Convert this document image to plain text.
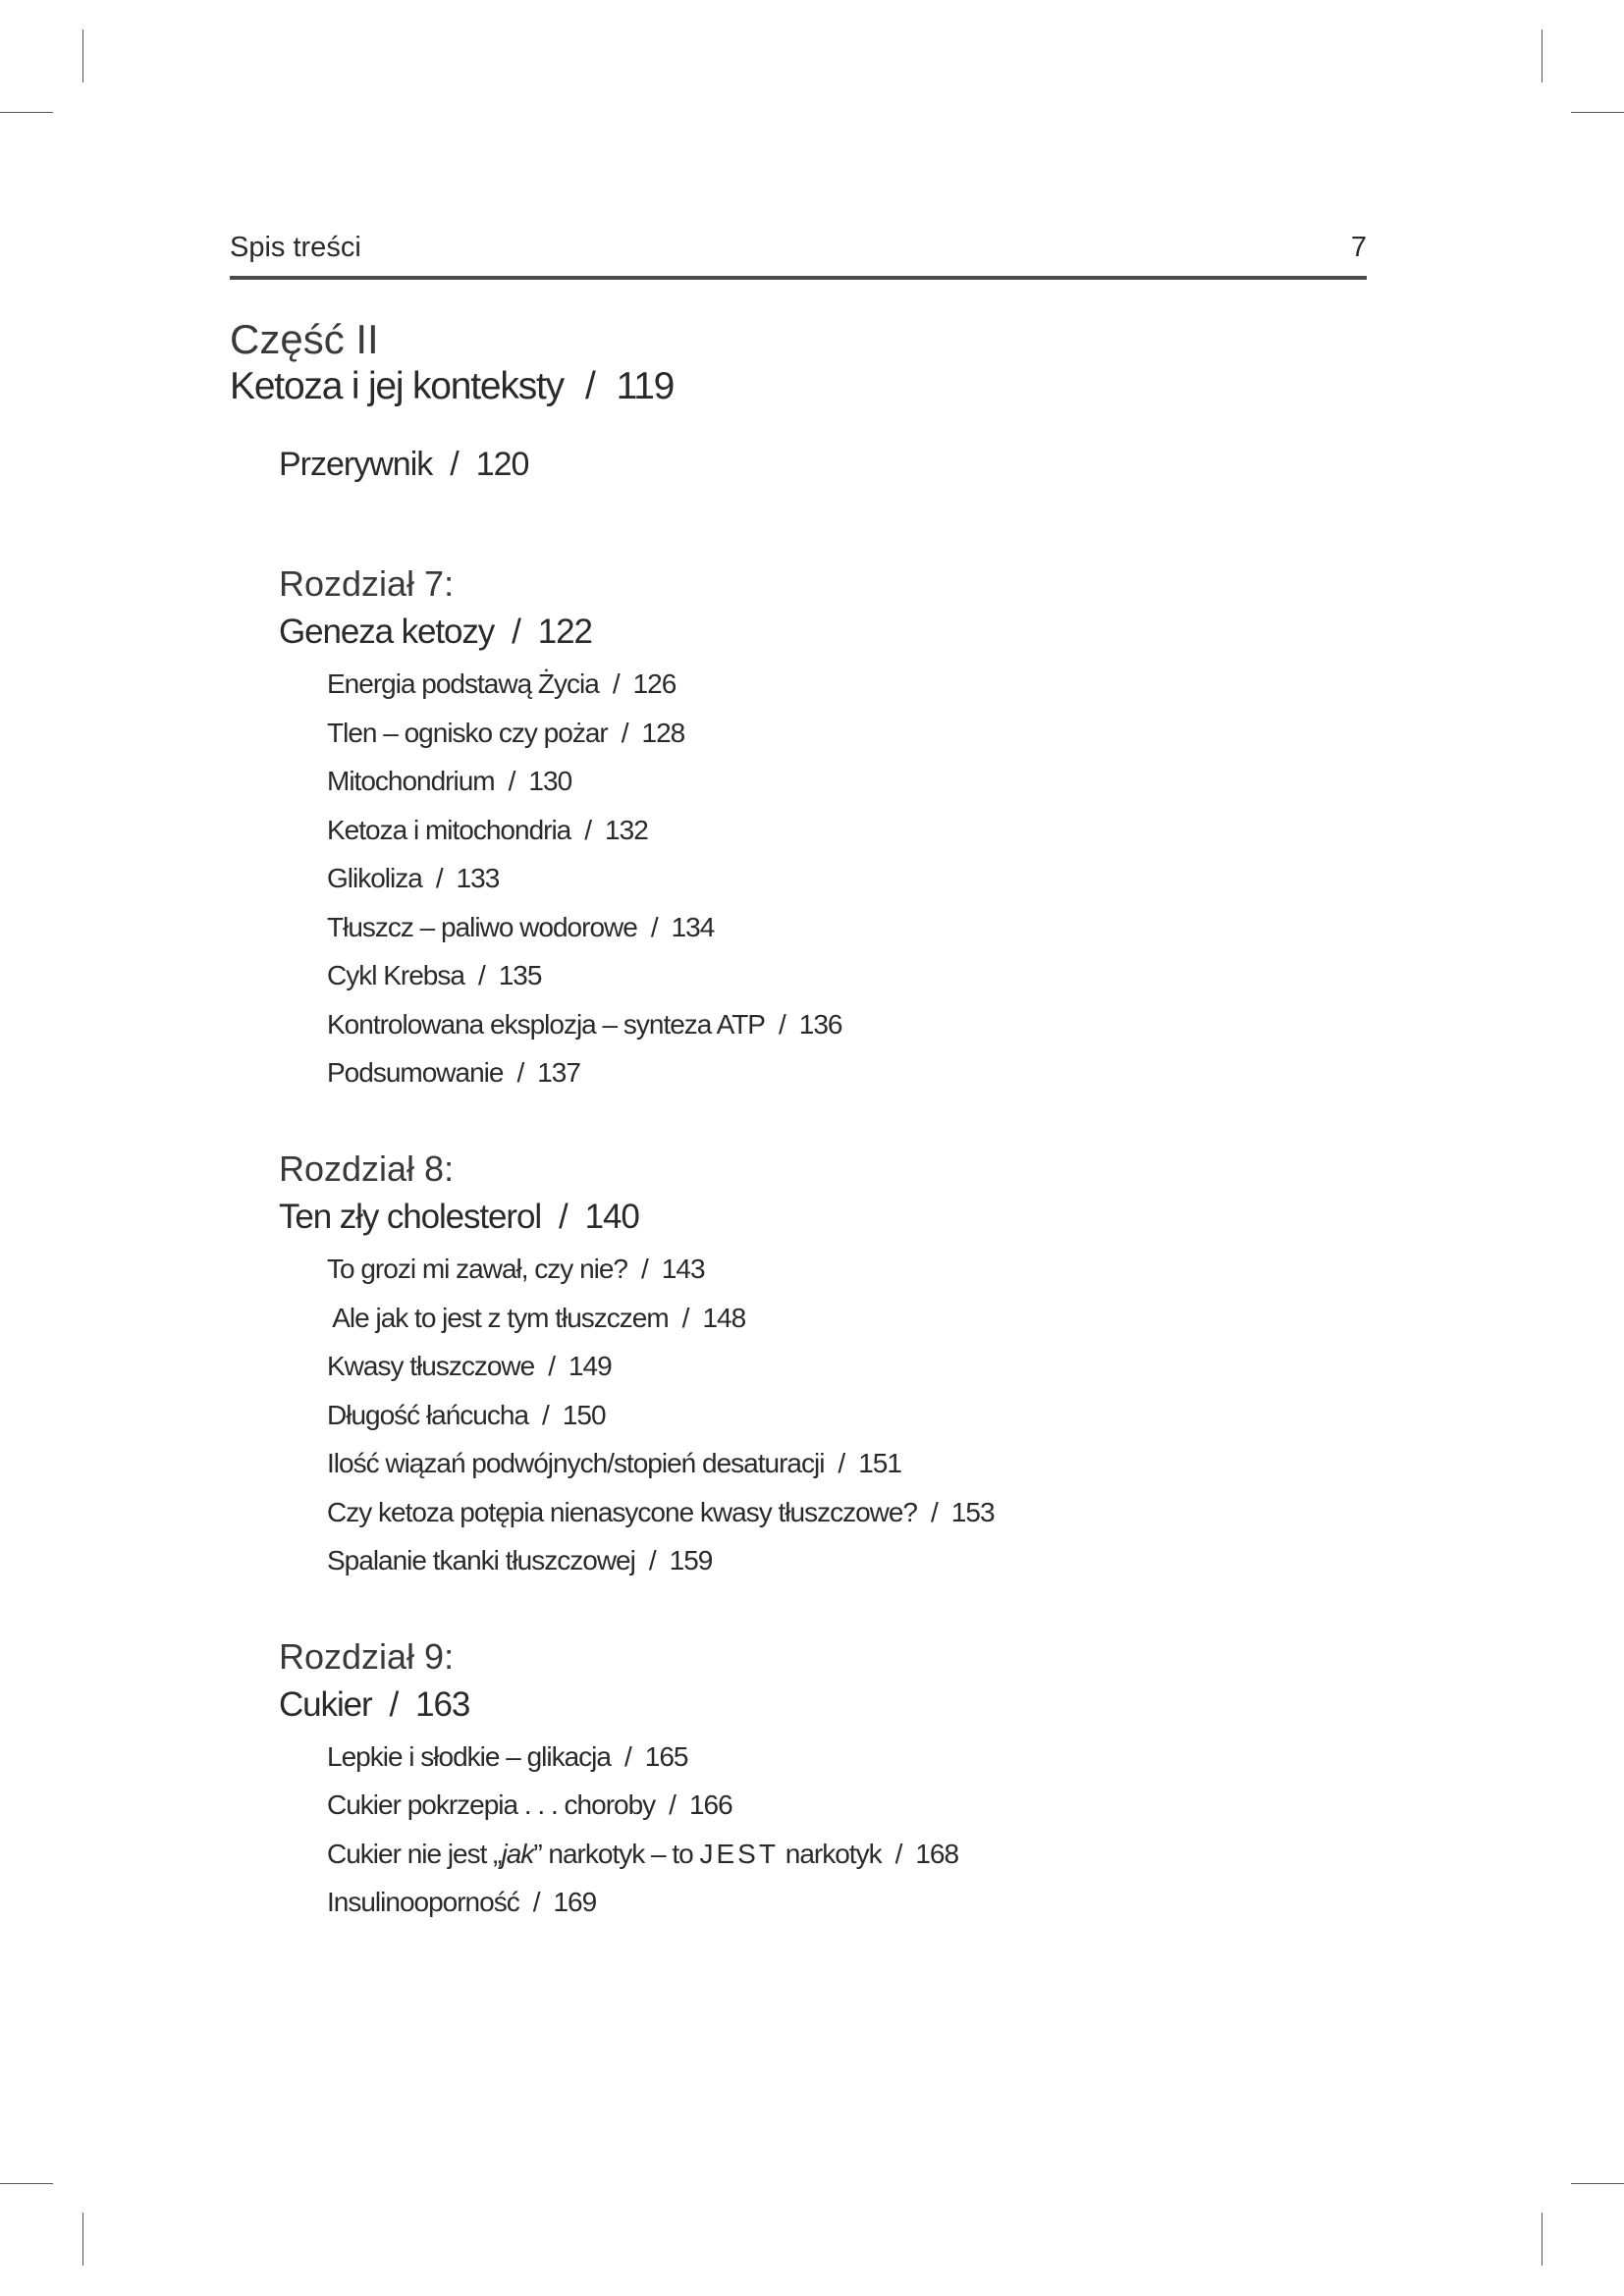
Spis treści	7
Część II
Ketoza i jej konteksty / 119
Przerywnik / 120
Rozdział 7:
Geneza ketozy / 122
Energia podstawą Życia / 126
Tlen – ognisko czy pożar / 128
Mitochondrium / 130
Ketoza i mitochondria / 132
Glikoliza / 133
Tłuszcz – paliwo wodorowe / 134
Cykl Krebsa / 135
Kontrolowana eksplozja – synteza ATP / 136
Podsumowanie / 137
Rozdział 8:
Ten zły cholesterol / 140
To grozi mi zawał, czy nie? / 143
Ale jak to jest z tym tłuszczem / 148
Kwasy tłuszczowe / 149
Długość łańcucha / 150
Ilość wiązań podwójnych/stopień desaturacji / 151
Czy ketoza potępia nienasycone kwasy tłuszczowe? / 153
Spalanie tkanki tłuszczowej / 159
Rozdział 9:
Cukier / 163
Lepkie i słodkie – glikacja / 165
Cukier pokrzepia . . . choroby / 166
Cukier nie jest „jak” narkotyk – to JEST narkotyk / 168
Insulinooporność / 169
